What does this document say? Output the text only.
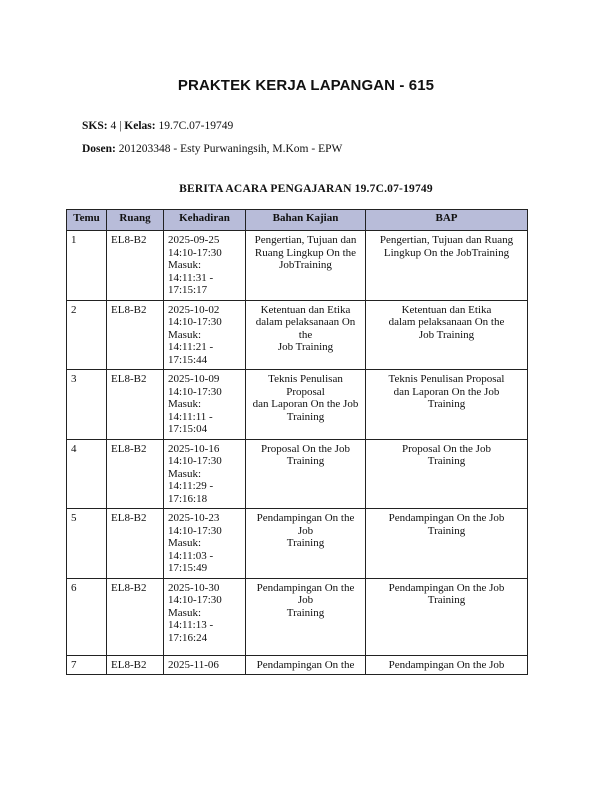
PRAKTEK KERJA LAPANGAN - 615
SKS: 4 | Kelas: 19.7C.07-19749
Dosen: 201203348 - Esty Purwaningsih, M.Kom - EPW
BERITA ACARA PENGAJARAN 19.7C.07-19749
Temu	Ruang	Kehadiran	Bahan Kajian	BAP
1	EL8-B2	2025-09-25
14:10-17:30
Masuk:
14:11:31 -
17:15:17	Pengertian, Tujuan dan
Ruang Lingkup On the
JobTraining	Pengertian, Tujuan dan Ruang
Lingkup On the JobTraining
2	EL8-B2	2025-10-02
14:10-17:30
Masuk:
14:11:21 -
17:15:44	Ketentuan dan Etika
dalam pelaksanaan On
the
Job Training	Ketentuan dan Etika
dalam pelaksanaan On the
Job Training
3	EL8-B2	2025-10-09
14:10-17:30
Masuk:
14:11:11 -
17:15:04	Teknis Penulisan
Proposal
dan Laporan On the Job
Training	Teknis Penulisan Proposal
dan Laporan On the Job
Training
4	EL8-B2	2025-10-16
14:10-17:30
Masuk:
14:11:29 -
17:16:18	Proposal On the Job
Training	Proposal On the Job
Training
5	EL8-B2	2025-10-23
14:10-17:30
Masuk:
14:11:03 -
17:15:49	Pendampingan On the
Job
Training	Pendampingan On the Job
Training
6	EL8-B2	2025-10-30
14:10-17:30
Masuk:
14:11:13 -
17:16:24	Pendampingan On the
Job
Training	Pendampingan On the Job
Training
7	EL8-B2	2025-11-06	Pendampingan On the	Pendampingan On the Job
